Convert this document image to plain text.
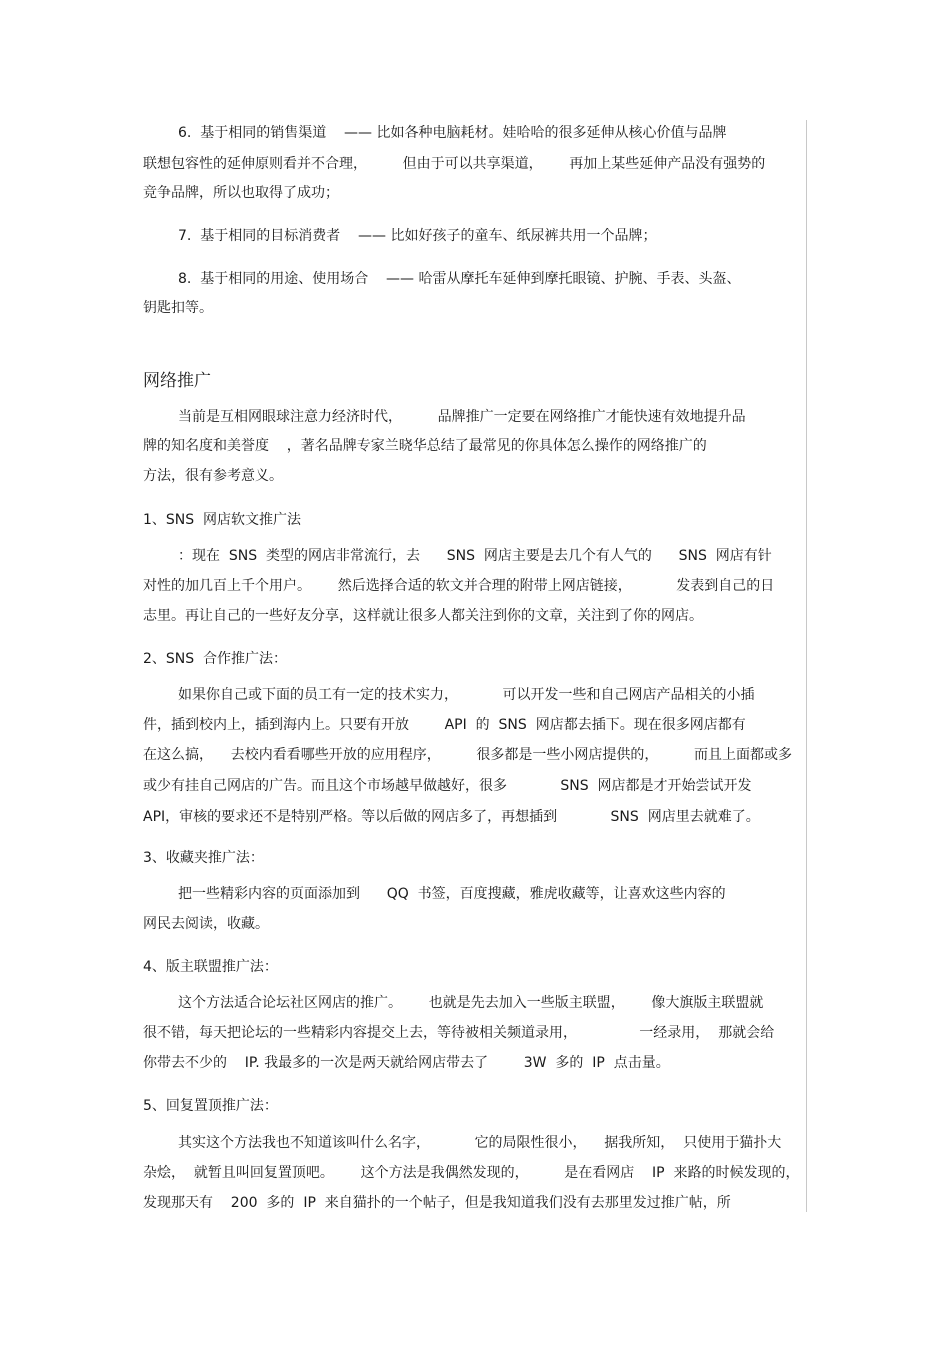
6.  基于相同的销售渠道    —— 比如各种电脑耗材。娃哈哈的很多延伸从核心价值与品牌
联想包容性的延伸原则看并不合理，        但由于可以共享渠道，      再加上某些延伸产品没有强势的
竞争品牌，所以也取得了成功；
7.  基于相同的目标消费者    —— 比如好孩子的童车、纸尿裤共用一个品牌；
8.  基于相同的用途、使用场合    —— 哈雷从摩托车延伸到摩托眼镜、护腕、手表、头盔、
钥匙扣等。
网络推广
当前是互相网眼球注意力经济时代，        品牌推广一定要在网络推广才能快速有效地提升品
牌的知名度和美誉度    ，著名品牌专家兰晓华总结了最常见的你具体怎么操作的网络推广的
方法，很有参考意义。
1、SNS  网店软文推广法
：现在  SNS  类型的网店非常流行，去      SNS  网店主要是去几个有人气的      SNS  网店有针
对性的加几百上千个用户。      然后选择合适的软文并合理的附带上网店链接，          发表到自己的日
志里。再让自己的一些好友分享，这样就让很多人都关注到你的文章，关注到了你的网店。
2、SNS  合作推广法：
如果你自己或下面的员工有一定的技术实力，          可以开发一些和自己网店产品相关的小插
件，插到校内上，插到海内上。只要有开放        API  的  SNS  网店都去插下。现在很多网店都有
在这么搞，    去校内看看哪些开放的应用程序，        很多都是一些小网店提供的，        而且上面都或多
或少有挂自己网店的广告。而且这个市场越早做越好，很多            SNS  网店都是才开始尝试开发
API，审核的要求还不是特别严格。等以后做的网店多了，再想插到            SNS  网店里去就难了。
3、收藏夹推广法：
把一些精彩内容的页面添加到      QQ  书签，百度搜藏，雅虎收藏等，让喜欢这些内容的
网民去阅读，收藏。
4、版主联盟推广法：
这个方法适合论坛社区网店的推广。      也就是先去加入一些版主联盟，      像大旗版主联盟就
很不错，每天把论坛的一些精彩内容提交上去，等待被相关频道录用，              一经录用，  那就会给
你带去不少的    IP. 我最多的一次是两天就给网店带去了        3W  多的  IP  点击量。
5、回复置顶推广法：
其实这个方法我也不知道该叫什么名字，          它的局限性很小，    据我所知，  只使用于猫扑大
杂烩，  就暂且叫回复置顶吧。      这个方法是我偶然发现的，        是在看网店    IP  来路的时候发现的，
发现那天有    200  多的  IP  来自猫扑的一个帖子，但是我知道我们没有去那里发过推广帖，所
